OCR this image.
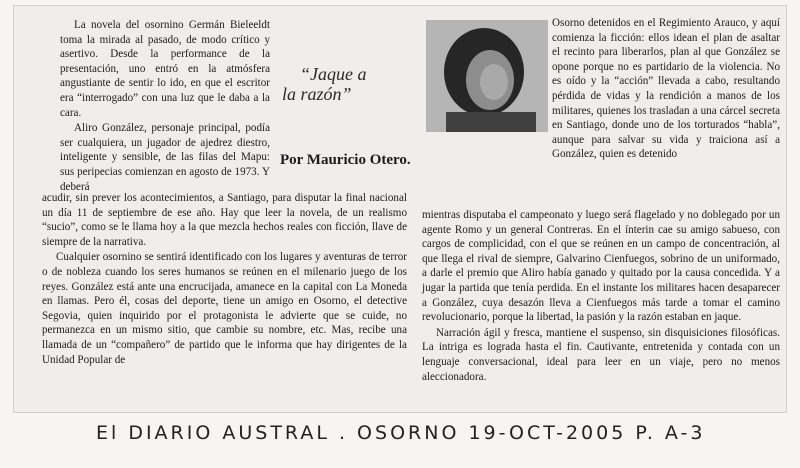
La novela del osornino Germán Bieleeldt toma la mirada al pasado, de modo crítico y asertivo. Desde la performance de la presentación, uno entró en la atmósfera angustiante de sentir lo ido, en que el escritor era “interrogado” con una luz que le daba a la cara.

Aliro González, personaje principal, podía ser cualquiera, un jugador de ajedrez diestro, inteligente y sensible, de las filas del Mapu: sus peripecias comienzan en agosto de 1973. Y deberá

“Jaque a
la razón”
Por Mauricio Otero.

acudir, sin prever los acontecimientos, a Santiago, para disputar la final nacional un día 11 de septiembre de ese año. Hay que leer la novela, de un realismo “sucio”, como se le llama hoy a la que mezcla hechos reales con ficción, llave de siempre de la narrativa.

Cualquier osornino se sentirá identificado con los lugares y aventuras de terror o de nobleza cuando los seres humanos se reúnen en el milenario juego de los reyes. González está ante una encrucijada, amanece en la capital con La Moneda en llamas. Pero él, cosas del deporte, tiene un amigo en Osorno, el detective Segovia, quien inquirido por el protagonista le advierte que se cuide, no permanezca en un mismo sitio, que cambie su nombre, etc. Mas, recibe una llamada de un “compañero” de partido que le informa que hay dirigentes de la Unidad Popular de

Osorno detenidos en el Regimiento Arauco, y aquí comienza la ficción: ellos idean el plan de asaltar el recinto para liberarlos, plan al que González se opone porque no es partidario de la violencia. No es oído y la “acción” llevada a cabo, resultando pérdida de vidas y la rendición a manos de los militares, quienes los trasladan a una cárcel secreta en Santiago, donde uno de los torturados “habla”, aunque para salvar su vida y traiciona así a González, quien es detenido

mientras disputaba el campeonato y luego será flagelado y no doblegado por un agente Romo y un general Contreras. En el ínterin cae su amigo sabueso, con cargos de complicidad, con el que se reúnen en un campo de concentración, al que llega el rival de siempre, Galvarino Cienfuegos, sobrino de un uniformado, a darle el premio que Aliro había ganado y quitado por la causa concedida. Y a jugar la partida que tenía perdida. En el instante los militares hacen desaparecer a González, cuya desazón lleva a Cienfuegos más tarde a tomar el camino revolucionario, porque la libertad, la pasión y la razón estaban en jaque.

Narración ágil y fresca, mantiene el suspenso, sin disquisiciones filosóficas. La intriga es lograda hasta el fin. Cautivante, entretenida y contada con un lenguaje conversacional, ideal para leer en un viaje, pero no menos aleccionadora.

El DIARIO AUSTRAL . OSORNO 19-OCT-2005 P. A-3
